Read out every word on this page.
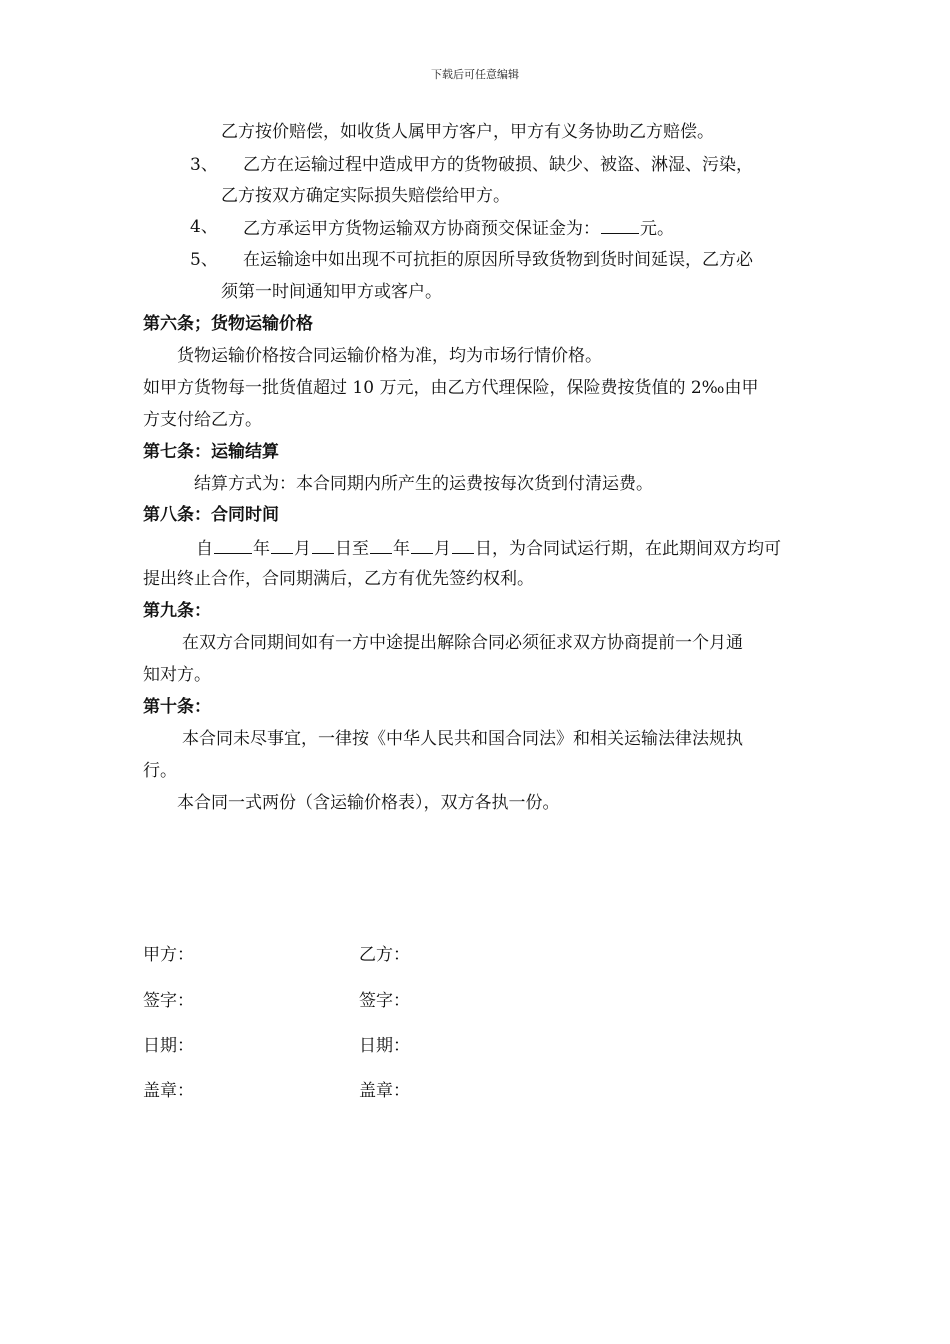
下载后可任意编辑
乙方按价赔偿，如收货人属甲方客户，甲方有义务协助乙方赔偿。
3、 乙方在运输过程中造成甲方的货物破损、缺少、被盗、淋湿、污染，
乙方按双方确定实际损失赔偿给甲方。
4、 乙方承运甲方货物运输双方协商预交保证金为： 元。
5、 在运输途中如出现不可抗拒的原因所导致货物到货时间延误，乙方必
须第一时间通知甲方或客户。
第六条；货物运输价格
货物运输价格按合同运输价格为准，均为市场行情价格。
如甲方货物每一批货值超过 10 万元，由乙方代理保险，保险费按货值的 2‰由甲
方支付给乙方。
第七条：运输结算
结算方式为：本合同期内所产生的运费按每次货到付清运费。
第八条：合同时间
自 年 月 日至 年 月 日，为合同试运行期，在此期间双方均可
提出终止合作，合同期满后，乙方有优先签约权利。
第九条：
在双方合同期间如有一方中途提出解除合同必须征求双方协商提前一个月通
知对方。
第十条：
本合同未尽事宜，一律按《中华人民共和国合同法》和相关运输法律法规执
行。
本合同一式两份（含运输价格表），双方各执一份。
甲方：	乙方：
签字：	签字：
日期：	日期：
盖章：	盖章：
